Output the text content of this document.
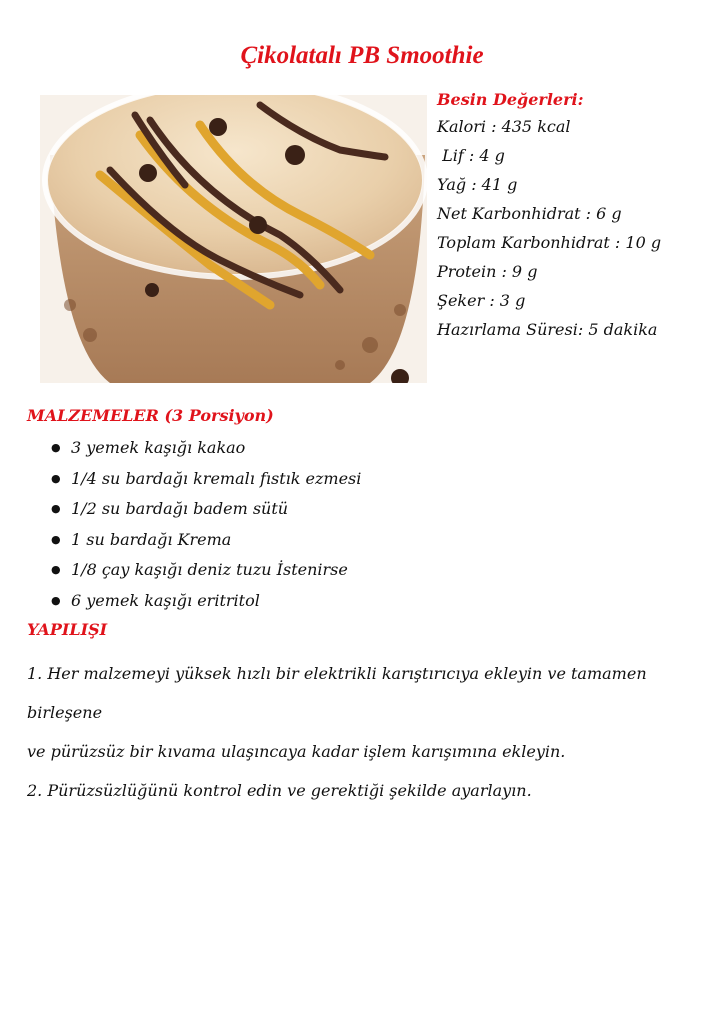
Çikolatalı PB Smoothie
Besin Değerleri:
Kalori : 435 kcal
Lif : 4 g
Yağ : 41 g
Net Karbonhidrat : 6 g
Toplam Karbonhidrat : 10 g
Protein : 9 g
Şeker : 3 g
Hazırlama Süresi: 5 dakika
MALZEMELER (3 Porsiyon)
● 3 yemek kaşığı kakao
● 1/4 su bardağı kremalı fıstık ezmesi
● 1/2 su bardağı badem sütü
● 1 su bardağı Krema
● 1/8 çay kaşığı deniz tuzu İstenirse
● 6 yemek kaşığı eritritol
YAPILIŞI

1. Her malzemeyi yüksek hızlı bir elektrikli karıştırıcıya ekleyin ve tamamen birleşene

ve pürüzsüz bir kıvama ulaşıncaya kadar işlem karışımına ekleyin.

2. Pürüzsüzlüğünü kontrol edin ve gerektiği şekilde ayarlayın.
